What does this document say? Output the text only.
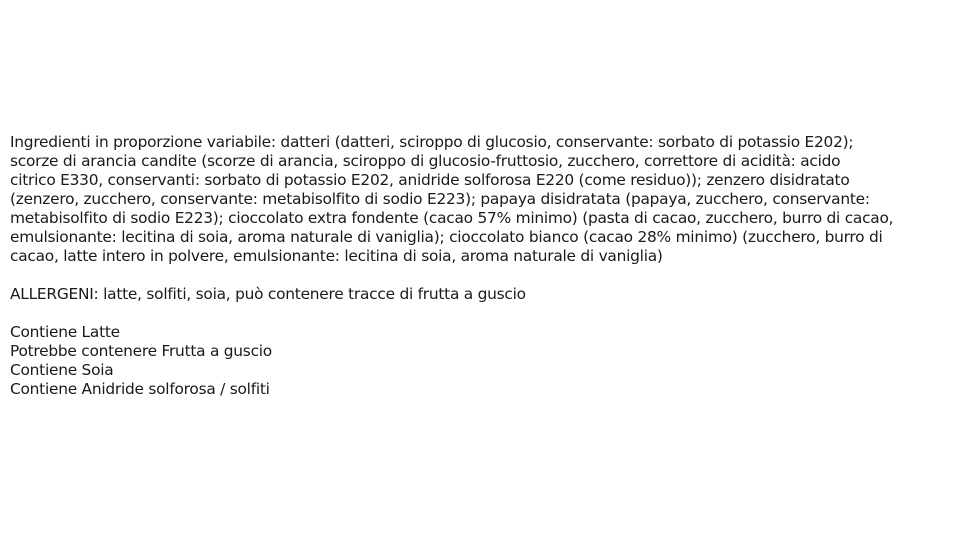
Ingredienti in proporzione variabile: datteri (datteri, sciroppo di glucosio, conservante: sorbato di potassio E202);
scorze di arancia candite (scorze di arancia, sciroppo di glucosio-fruttosio, zucchero, correttore di acidità: acido
citrico E330, conservanti: sorbato di potassio E202, anidride solforosa E220 (come residuo)); zenzero disidratato
(zenzero, zucchero, conservante: metabisolfito di sodio E223); papaya disidratata (papaya, zucchero, conservante:
metabisolfito di sodio E223); cioccolato extra fondente (cacao 57% minimo) (pasta di cacao, zucchero, burro di cacao,
emulsionante: lecitina di soia, aroma naturale di vaniglia); cioccolato bianco (cacao 28% minimo) (zucchero, burro di
cacao, latte intero in polvere, emulsionante: lecitina di soia, aroma naturale di vaniglia)
ALLERGENI: latte, solfiti, soia, può contenere tracce di frutta a guscio
Contiene Latte
Potrebbe contenere Frutta a guscio
Contiene Soia
Contiene Anidride solforosa / solfiti
